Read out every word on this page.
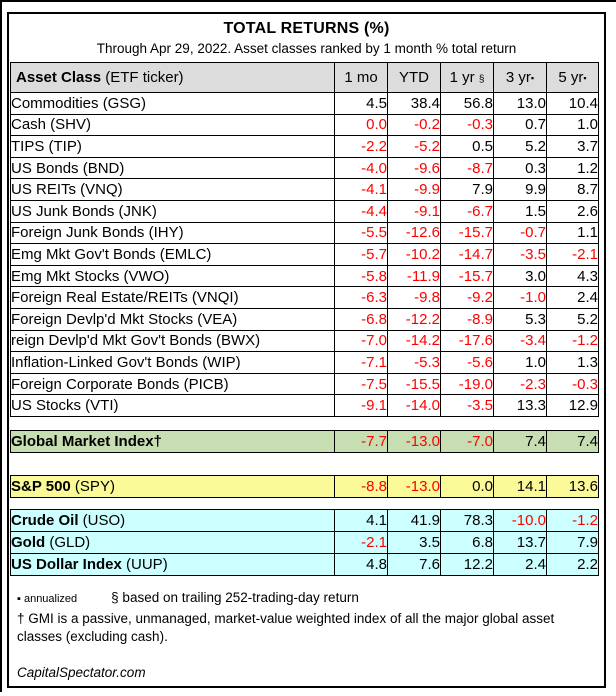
TOTAL RETURNS (%)
Through Apr 29, 2022. Asset classes ranked by 1 month % total return
Asset Class (ETF ticker)	1 mo	YTD	1 yr §	3 yr▪	5 yr▪
Commodities (GSG)	4.5	38.4	56.8	13.0	10.4
Cash (SHV)	0.0	-0.2	-0.3	0.7	1.0
TIPS (TIP)	-2.2	-5.2	0.5	5.2	3.7
US Bonds (BND)	-4.0	-9.6	-8.7	0.3	1.2
US REITs (VNQ)	-4.1	-9.9	7.9	9.9	8.7
US Junk Bonds (JNK)	-4.4	-9.1	-6.7	1.5	2.6
Foreign Junk Bonds (IHY)	-5.5	-12.6	-15.7	-0.7	1.1
Emg Mkt Gov't Bonds (EMLC)	-5.7	-10.2	-14.7	-3.5	-2.1
Emg Mkt Stocks (VWO)	-5.8	-11.9	-15.7	3.0	4.3
Foreign Real Estate/REITs (VNQI)	-6.3	-9.8	-9.2	-1.0	2.4
Foreign Devlp'd Mkt Stocks (VEA)	-6.8	-12.2	-8.9	5.3	5.2
reign Devlp'd Mkt Gov't Bonds (BWX)	-7.0	-14.2	-17.6	-3.4	-1.2
Inflation-Linked Gov't Bonds (WIP)	-7.1	-5.3	-5.6	1.0	1.3
Foreign Corporate Bonds (PICB)	-7.5	-15.5	-19.0	-2.3	-0.3
US Stocks (VTI)	-9.1	-14.0	-3.5	13.3	12.9

Global Market Index†	-7.7	-13.0	-7.0	7.4	7.4

S&P 500 (SPY)	-8.8	-13.0	0.0	14.1	13.6

Crude Oil (USO)	4.1	41.9	78.3	-10.0	-1.2
Gold (GLD)	-2.1	3.5	6.8	13.7	7.9
US Dollar Index (UUP)	4.8	7.6	12.2	2.4	2.2
▪ annualized	§ based on trailing 252-trading-day return
† GMI is a passive, unmanaged, market-value weighted index of all the major global asset classes (excluding cash).
CapitalSpectator.com
